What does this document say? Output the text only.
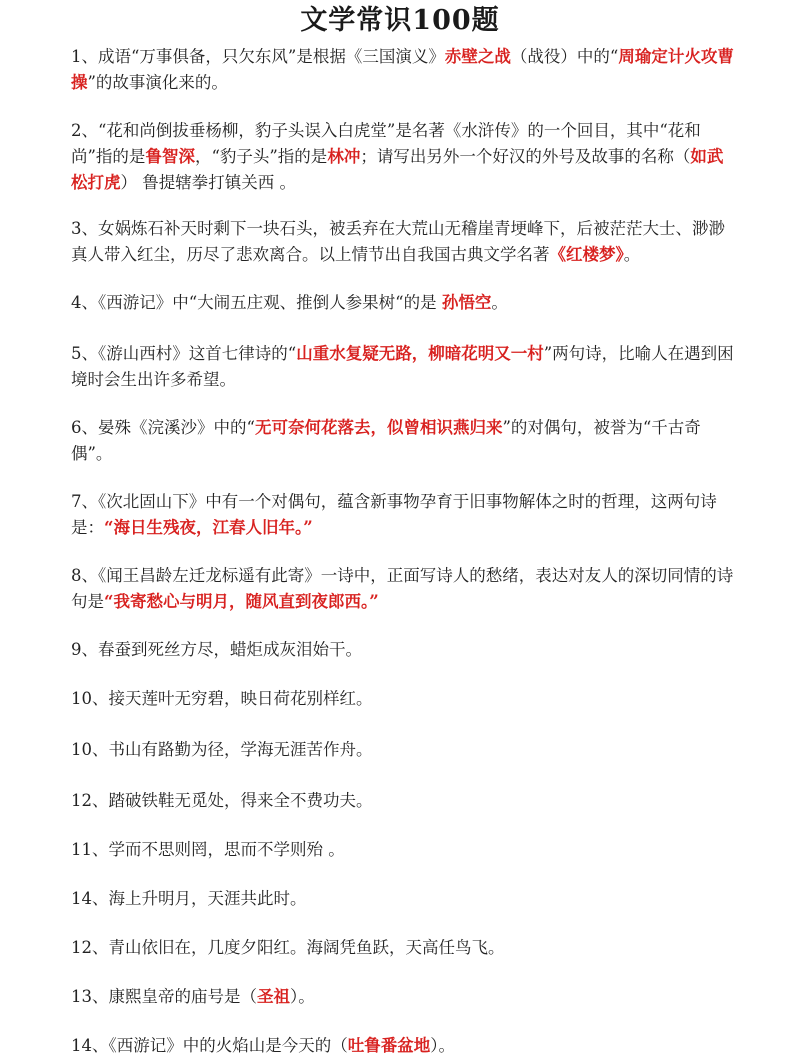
文学常识100题
1、成语“万事俱备，只欠东风”是根据《三国演义》赤壁之战（战役）中的“周瑜定计火攻曹操”的故事演化来的。
2、“花和尚倒拔垂杨柳，豹子头误入白虎堂”是名著《水浒传》的一个回目，其中“花和尚”指的是鲁智深，“豹子头”指的是林冲；请写出另外一个好汉的外号及故事的名称（如武松打虎） 鲁提辖拳打镇关西 。
3、女娲炼石补天时剩下一块石头，被丢弃在大荒山无稽崖青埂峰下，后被茫茫大士、渺渺真人带入红尘，历尽了悲欢离合。以上情节出自我国古典文学名著《红楼梦》。
4、《西游记》中“大闹五庄观、推倒人参果树“的是 孙悟空。
5、《游山西村》这首七律诗的“山重水复疑无路，柳暗花明又一村”两句诗，比喻人在遇到困境时会生出许多希望。
6、晏殊《浣溪沙》中的“无可奈何花落去，似曾相识燕归来”的对偶句，被誉为“千古奇偶”。
7、《次北固山下》中有一个对偶句，蕴含新事物孕育于旧事物解体之时的哲理，这两句诗是：“海日生残夜，江春人旧年。”
8、《闻王昌龄左迁龙标遥有此寄》一诗中，正面写诗人的愁绪，表达对友人的深切同情的诗句是“我寄愁心与明月，随风直到夜郎西。”
9、春蚕到死丝方尽，蜡炬成灰泪始干。
10、接天莲叶无穷碧，映日荷花别样红。
10、书山有路勤为径，学海无涯苦作舟。
12、踏破铁鞋无觅处，得来全不费功夫。
11、学而不思则罔，思而不学则殆 。
14、海上升明月，天涯共此时。
12、青山依旧在，几度夕阳红。海阔凭鱼跃，天高任鸟飞。
13、康熙皇帝的庙号是（圣祖）。
14、《西游记》中的火焰山是今天的（吐鲁番盆地）。
